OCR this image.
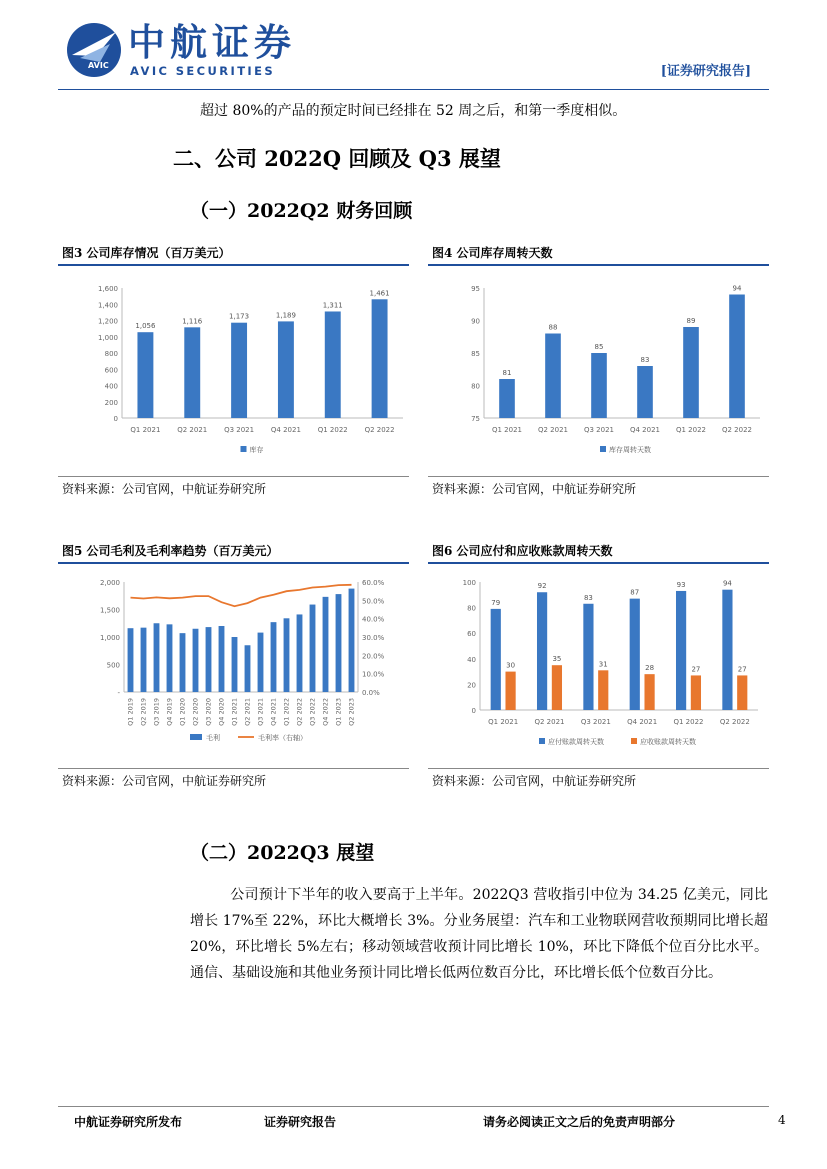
AVIC
中航证券
AVIC SECURITIES	[证券研究报告]
超过 80%的产品的预定时间已经排在 52 周之后，和第一季度相似。
二、公司 2022Q 回顾及 Q3 展望
（一）2022Q2 财务回顾
图3 公司库存情况（百万美元）
0
200
400
600
800
1,000
1,200
1,400
1,600
Q1 2021 Q2 2021 Q3 2021 Q4 2021 Q1 2022 Q2 2022
1,056
1,116
1,173	1,189
1,311
1,461
库存
资料来源：公司官网，中航证券研究所
图4 公司库存周转天数
75
80
85
90
95
Q1 2021 Q2 2021 Q3 2021 Q4 2021 Q1 2022 Q2 2022
81
88
85
83
89
94
库存周转天数
资料来源：公司官网，中航证券研究所
图5 公司毛利及毛利率趋势（百万美元）
-
500
1,000
1,500
2,000
0.0%
10.0%
20.0%
30.0%
40.0%
50.0%
60.0%
Q1 2019 Q2 2019 Q3 2019 Q4 2019 Q1 2020 Q2 2020 Q3 2020 Q4 2020 Q1 2021 Q2 2021 Q3 2021 Q4 2021 Q1 2022 Q2 2022 Q3 2022 Q4 2022 Q1 2023 Q2 2023
毛利	毛利率（右轴）
资料来源：公司官网，中航证券研究所
图6 公司应付和应收账款周转天数
0
20
40
60
80
100
Q1 2021 Q2 2021 Q3 2021 Q4 2021 Q1 2022 Q2 2022
79
92
83
87
93	94
30
35
31	28	27	27
应付账款周转天数	应收账款周转天数
资料来源：公司官网，中航证券研究所
（二）2022Q3 展望
公司预计下半年的收入要高于上半年。2022Q3 营收指引中位为 34.25 亿美元，同比增长 17%至 22%，环比大概增长 3%。分业务展望：汽车和工业物联网营收预期同比增长超 20%，环比增长 5%左右；移动领域营收预计同比增长 10%，环比下降低个位百分比水平。通信、基础设施和其他业务预计同比增长低两位数百分比，环比增长低个位数百分比。
中航证券研究所发布	证券研究报告	请务必阅读正文之后的免责声明部分	4
